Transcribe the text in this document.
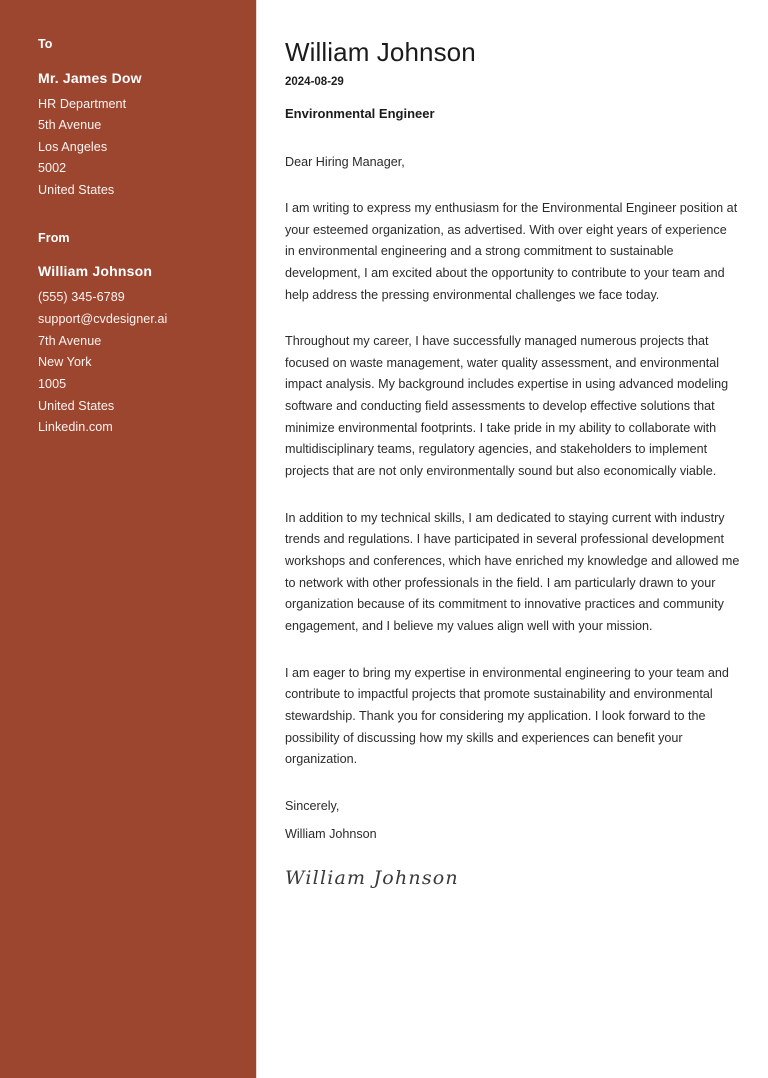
To

Mr. James Dow

HR Department

5th Avenue

Los Angeles

5002

United States

From

William Johnson

(555) 345-6789

support@cvdesigner.ai

7th Avenue

New York

1005

United States

Linkedin.com

William Johnson

2024-08-29

Environmental Engineer

Dear Hiring Manager,

I am writing to express my enthusiasm for the Environmental Engineer position at your esteemed organization, as advertised. With over eight years of experience in environmental engineering and a strong commitment to sustainable development, I am excited about the opportunity to contribute to your team and help address the pressing environmental challenges we face today.

Throughout my career, I have successfully managed numerous projects that focused on waste management, water quality assessment, and environmental impact analysis. My background includes expertise in using advanced modeling software and conducting field assessments to develop effective solutions that minimize environmental footprints. I take pride in my ability to collaborate with multidisciplinary teams, regulatory agencies, and stakeholders to implement projects that are not only environmentally sound but also economically viable.

In addition to my technical skills, I am dedicated to staying current with industry trends and regulations. I have participated in several professional development workshops and conferences, which have enriched my knowledge and allowed me to network with other professionals in the field. I am particularly drawn to your organization because of its commitment to innovative practices and community engagement, and I believe my values align well with your mission.

I am eager to bring my expertise in environmental engineering to your team and contribute to impactful projects that promote sustainability and environmental stewardship. Thank you for considering my application. I look forward to the possibility of discussing how my skills and experiences can benefit your organization.

Sincerely,

William Johnson

William Johnson
